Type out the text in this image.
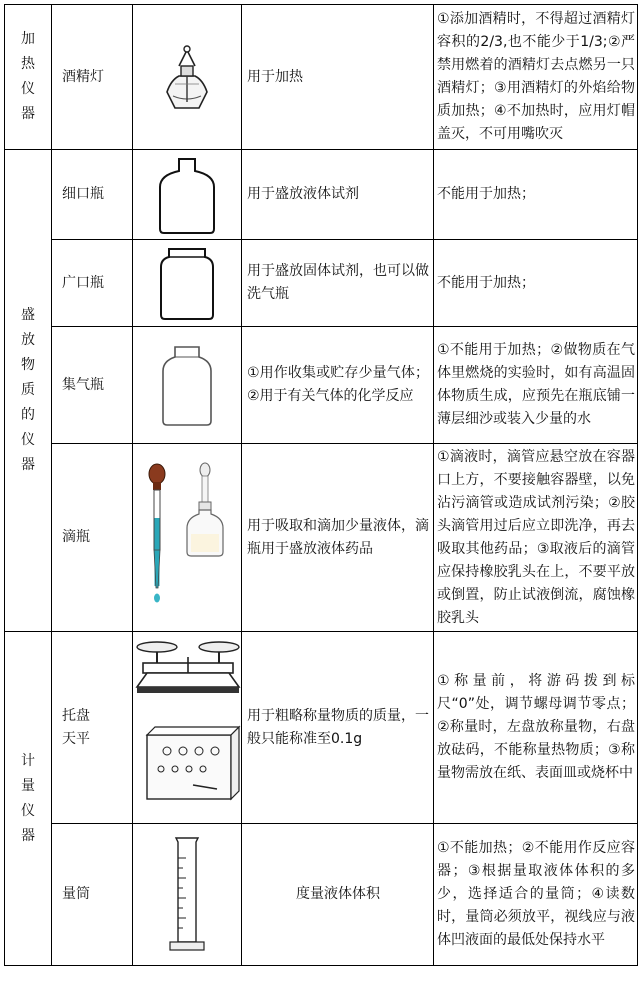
加热仪器	酒精灯		用于加热	①添加酒精时，不得超过酒精灯容积的2/3,也不能少于1/3;②严禁用燃着的酒精灯去点燃另一只酒精灯；③用酒精灯的外焰给物质加热；④不加热时，应用灯帽盖灭，不可用嘴吹灭
盛放物质的仪器	细口瓶		用于盛放液体试剂	不能用于加热；
	广口瓶		用于盛放固体试剂，也可以做洗气瓶	不能用于加热；
	集气瓶		①用作收集或贮存少量气体；②用于有关气体的化学反应	①不能用于加热；②做物质在气体里燃烧的实验时，如有高温固体物质生成，应预先在瓶底铺一薄层细沙或装入少量的水
	滴瓶		用于吸取和滴加少量液体，滴瓶用于盛放液体药品	①滴液时，滴管应悬空放在容器口上方，不要接触容器壁，以免沾污滴管或造成试剂污染；②胶头滴管用过后应立即洗净，再去吸取其他药品；③取液后的滴管应保持橡胶乳头在上，不要平放或倒置，防止试液倒流，腐蚀橡胶乳头
计量仪器	托盘天平		用于粗略称量物质的质量，一般只能称准至0.1g	①称量前，将游码拨到标尺“0”处，调节螺母调节零点；②称量时，左盘放称量物，右盘放砝码，不能称量热物质；③称量物需放在纸、表面皿或烧杯中
	量筒		度量液体体积	①不能加热；②不能用作反应容器；③根据量取液体体积的多少，选择适合的量筒；④读数时，量筒必须放平，视线应与液体凹液面的最低处保持水平
